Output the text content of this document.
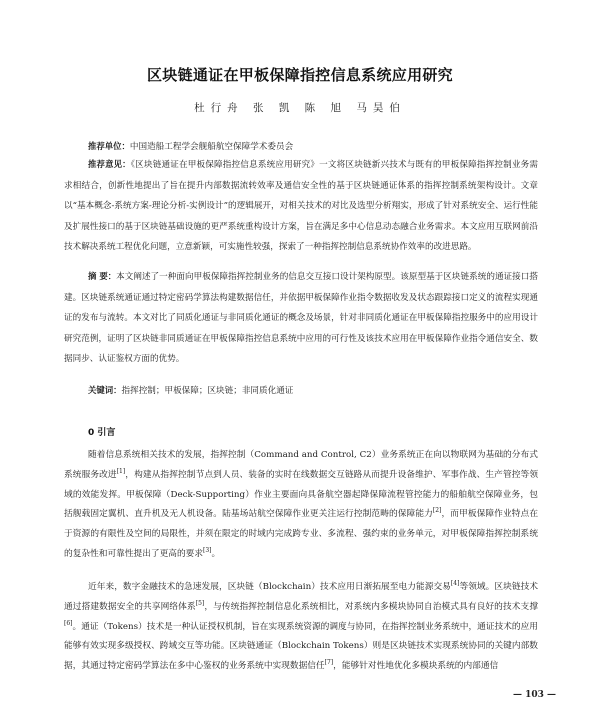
区块链通证在甲板保障指控信息系统应用研究
杜行舟 张 凯 陈 旭 马昊伯
推荐单位：中国造船工程学会舰船航空保障学术委员会
推荐意见：《区块链通证在甲板保障指控信息系统应用研究》一文将区块链新兴技术与既有的甲板保障指挥控制业务需求相结合，创新性地提出了旨在提升内部数据流转效率及通信安全性的基于区块链通证体系的指挥控制系统架构设计。文章以“基本概念-系统方案-理论分析-实例设计”的逻辑展开，对相关技术的对比及选型分析翔实，形成了针对系统安全、运行性能及扩展性接口的基于区块链基础设施的更严系统重构设计方案，旨在满足多中心信息动态融合业务需求。本文应用互联网前沿技术解决系统工程优化问题，立意新颖，可实施性较强，探索了一种指挥控制信息系统协作效率的改进思路。
摘 要：本文阐述了一种面向甲板保障指挥控制业务的信息交互接口设计架构原型。该原型基于区块链系统的通证接口搭建。区块链系统通证通过特定密码学算法构建数据信任，并依据甲板保障作业指令数据收发及状态跟踪接口定义的流程实现通证的发布与流转。本文对比了同质化通证与非同质化通证的概念及场景，针对非同质化通证在甲板保障指控服务中的应用设计研究范例，证明了区块链非同质通证在甲板保障指控信息系统中应用的可行性及该技术应用在甲板保障作业指令通信安全、数据同步、认证鉴权方面的优势。
关键词：指挥控制；甲板保障；区块链；非同质化通证
0 引言
随着信息系统相关技术的发展，指挥控制（Command and Control, C2）业务系统正在向以物联网为基础的分布式系统服务改进[1]，构建从指挥控制节点到人员、装备的实时在线数据交互链路从而提升设备维护、军事作战、生产管控等领域的效能发挥。甲板保障（Deck-Supporting）作业主要面向具备航空器起降保障流程管控能力的船舶航空保障业务，包括舰载固定翼机、直升机及无人机设备。陆基场站航空保障作业更关注运行控制范畴的保障能力[2]，而甲板保障作业特点在于资源的有限性及空间的局限性，并须在限定的时域内完成跨专业、多流程、强约束的业务单元，对甲板保障指挥控制系统的复杂性和可靠性提出了更高的要求[3]。
近年来，数字金融技术的急速发展，区块链（Blockchain）技术应用日渐拓展至电力能源交易[4]等领域。区块链技术通过搭建数据安全的共享网络体系[5]，与传统指挥控制信息化系统相比，对系统内多模块协同自治模式具有良好的技术支撑[6]。通证（Tokens）技术是一种认证授权机制，旨在实现系统资源的调度与协同，在指挥控制业务系统中，通证技术的应用能够有效实现多级授权、跨域交互等功能。区块链通证（Blockchain Tokens）则是区块链技术实现系统协同的关键内部数据，其通过特定密码学算法在多中心鉴权的业务系统中实现数据信任[7]，能够针对性地优化多模块系统的内部通信
— 103 —
